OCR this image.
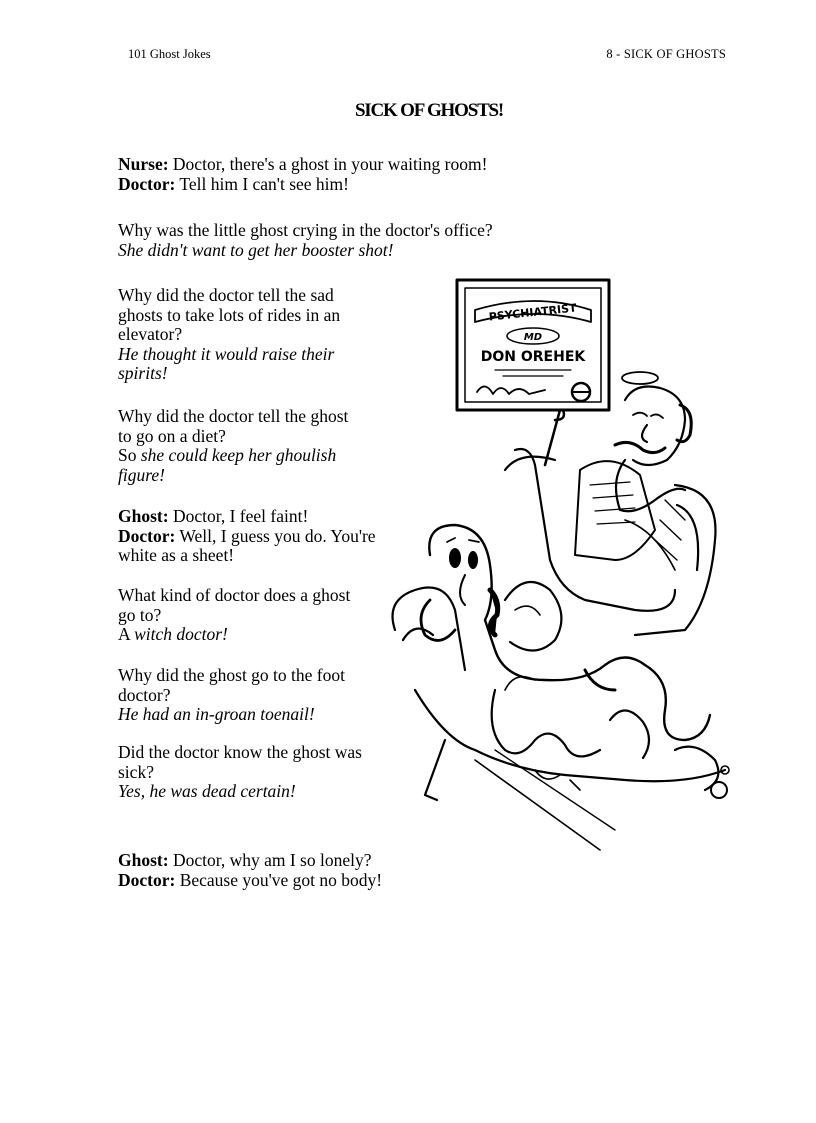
101 Ghost Jokes	8 - SICK OF GHOSTS
SICK OF GHOSTS!

Nurse: Doctor, there's a ghost in your waiting room!

Doctor: Tell him I can't see him!

Why was the little ghost crying in the doctor's office?

She didn't want to get her booster shot!

Why did the doctor tell the sad ghosts to take lots of rides in an elevator?

He thought it would raise their spirits!

Why did the doctor tell the ghost to go on a diet?

So she could keep her ghoulish figure!

Ghost: Doctor, I feel faint!

Doctor: Well, I guess you do. You're white as a sheet!

What kind of doctor does a ghost go to?

A witch doctor!

Why did the ghost go to the foot doctor?

He had an in-groan toenail!

Did the doctor know the ghost was sick?

Yes, he was dead certain!

Ghost: Doctor, why am I so lonely?

Doctor: Because you've got no body!

PSYCHIATRIST
MD
DON OREHEK
